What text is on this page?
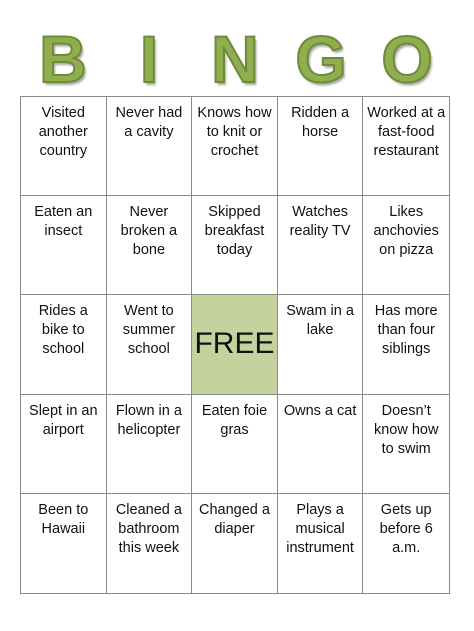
B I N G O
Visited another country
Never had a cavity
Knows how to knit or crochet
Ridden a horse
Worked at a fast-food restaurant
Eaten an insect
Never broken a bone
Skipped breakfast today
Watches reality TV
Likes anchovies on pizza
Rides a bike to school
Went to summer school FREE
Swam in a lake
Has more than four siblings
Slept in an airport
Flown in a helicopter
Eaten foie gras
Owns a cat	Doesn’t know how to swim
Been to Hawaii
Cleaned a bathroom this week
Changed a diaper
Plays a musical instrument
Gets up before 6 a.m.
